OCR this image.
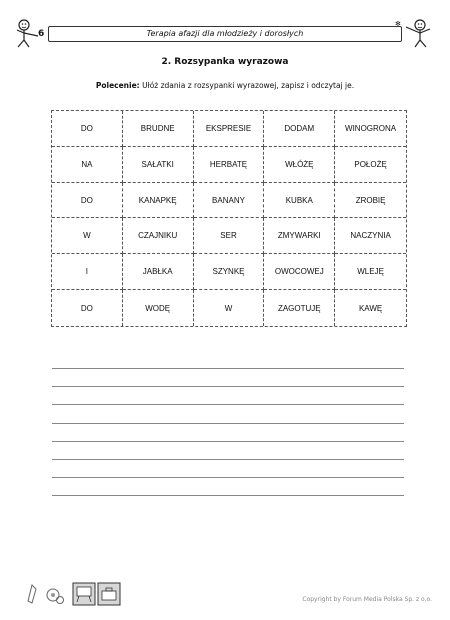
6	Terapia afazji dla młodzieży i dorosłych
✻
2. Rozsypanka wyrazowa
Polecenie: Ułóż zdania z rozsypanki wyrazowej, zapisz i odczytaj je.
DO	BRUDNE	EKSPRESIE	DODAM	WINOGRONA
NA	SAŁATKI	HERBATĘ	WŁÓŻĘ	POŁOŻĘ
DO	KANAPKĘ	BANANY	KUBKA	ZROBIĘ
W	CZAJNIKU	SER	ZMYWARKI	NACZYNIA
I	JABŁKA	SZYNKĘ	OWOCOWEJ	WLEJĘ
DO	WODĘ	W	ZAGOTUJĘ	KAWĘ
Copyright by Forum Media Polska Sp. z o.o.
